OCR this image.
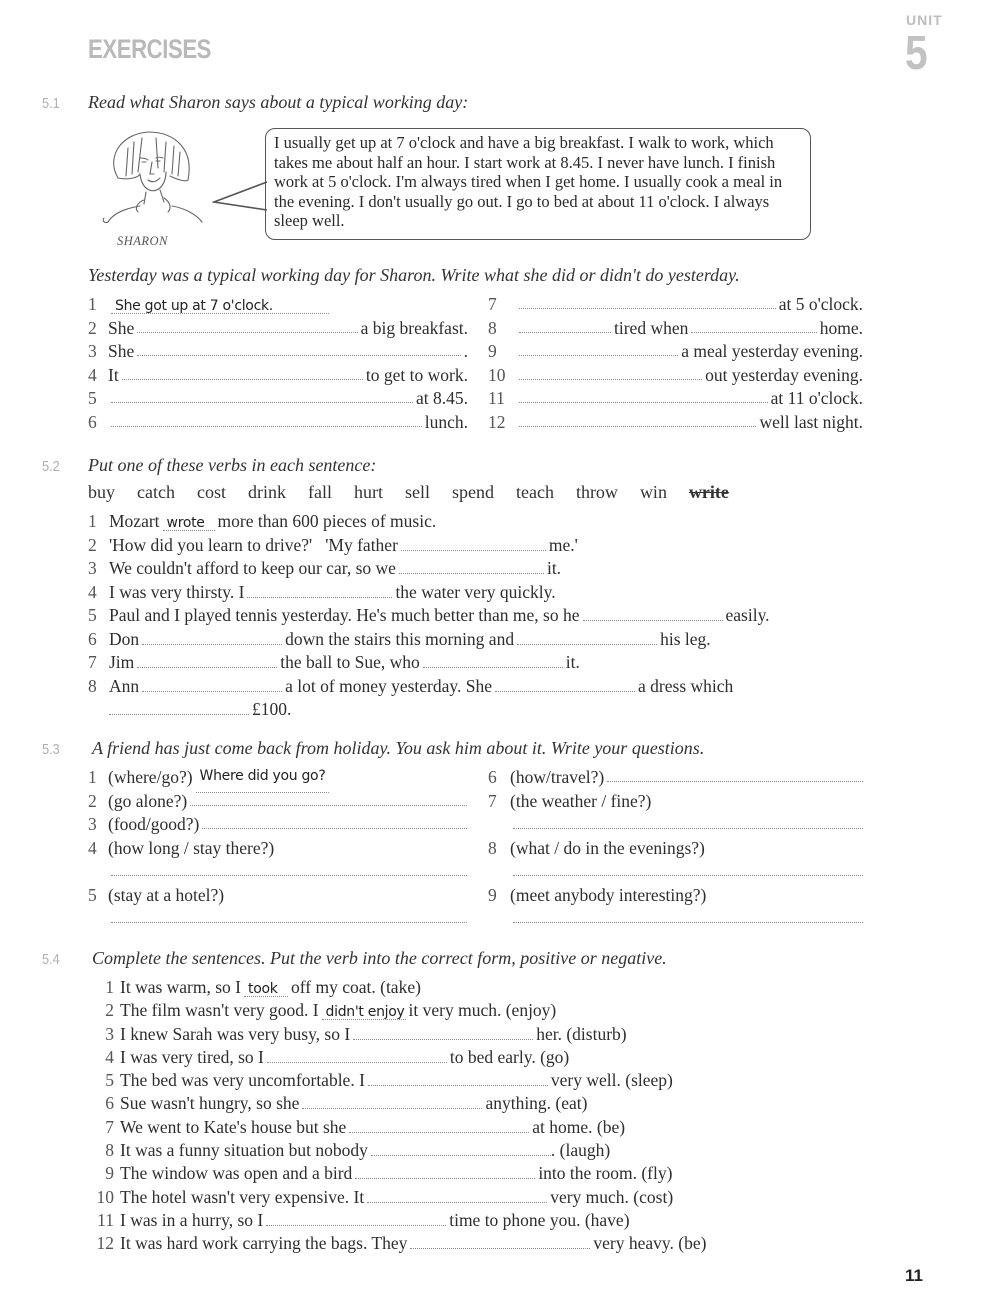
EXERCISES
UNIT
5
5.1 Read what Sharon says about a typical working day:
SHARON
I usually get up at 7 o'clock and have a big breakfast. I walk to work, which takes me about half an hour. I start work at 8.45. I never have lunch. I finish work at 5 o'clock. I'm always tired when I get home. I usually cook a meal in the evening. I don't usually go out. I go to bed at about 11 o'clock. I always sleep well.
Yesterday was a typical working day for Sharon. Write what she did or didn't do yesterday.
1 She got up at 7 o'clock.
2 She	a big breakfast.
3 She	.
4 It	to get to work.
5	at 8.45.
6	lunch.
7	at 5 o'clock.
8	tired when	home.
9	a meal yesterday evening.
10	out yesterday evening.
11	at 11 o'clock.
12	well last night.
5.2 Put one of these verbs in each sentence:
buy catch cost drink fall hurt sell spend teach throw win write
1 Mozart wrote more than 600 pieces of music.
2 'How did you learn to drive?'   'My father	me.'
3 We couldn't afford to keep our car, so we	it.
4 I was very thirsty. I	the water very quickly.
5 Paul and I played tennis yesterday. He's much better than me, so he	easily.
6 Don	down the stairs this morning and	his leg.
7 Jim	the ball to Sue, who	it.
8 Ann	a lot of money yesterday. She	a dress which
£100.
5.3 A friend has just come back from holiday. You ask him about it. Write your questions.
1 (where/go?) Where did you go?
2 (go alone?)
3 (food/good?)
4 (how long / stay there?)
5 (stay at a hotel?)
6 (how/travel?)
7 (the weather / fine?)
8 (what / do in the evenings?)
9 (meet anybody interesting?)
5.4 Complete the sentences. Put the verb into the correct form, positive or negative.
1 It was warm, so I took off my coat. (take)
2 The film wasn't very good. I didn't enjoy it very much. (enjoy)
3 I knew Sarah was very busy, so I	her. (disturb)
4 I was very tired, so I	to bed early. (go)
5 The bed was very uncomfortable. I	very well. (sleep)
6 Sue wasn't hungry, so she	anything. (eat)
7 We went to Kate's house but she	at home. (be)
8 It was a funny situation but nobody	. (laugh)
9 The window was open and a bird	into the room. (fly)
10 The hotel wasn't very expensive. It	very much. (cost)
11 I was in a hurry, so I	time to phone you. (have)
12 It was hard work carrying the bags. They	very heavy. (be)
11
